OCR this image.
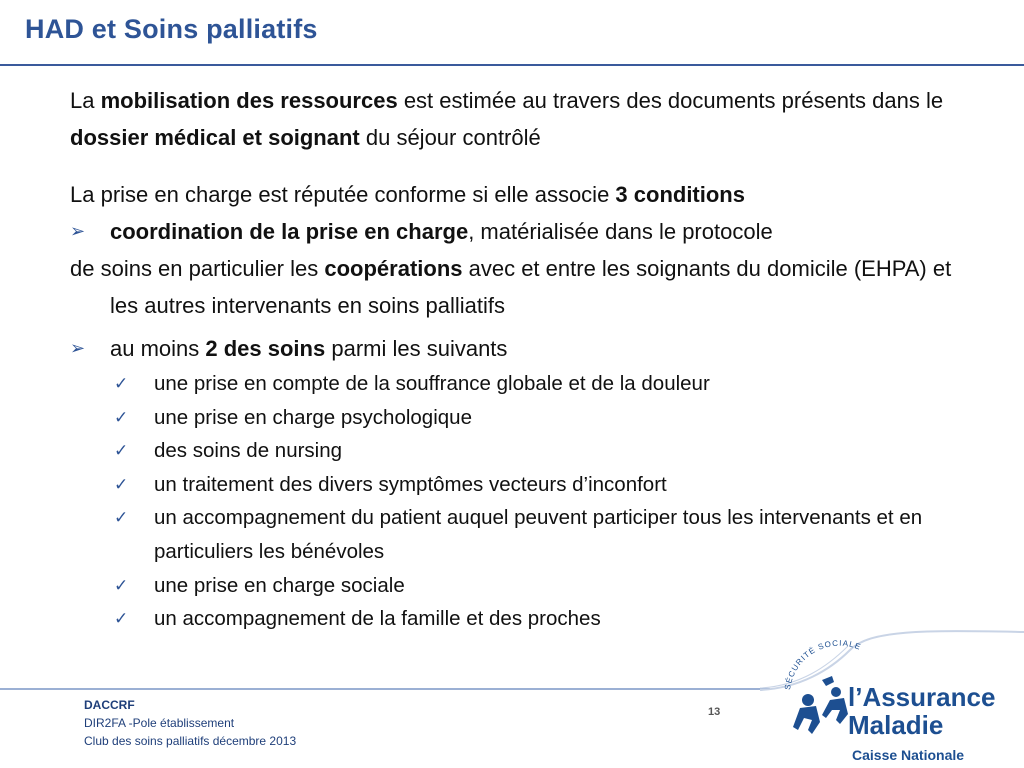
HAD et Soins palliatifs

La mobilisation des ressources est estimée au travers des documents présents dans le dossier médical et soignant du séjour contrôlé

La prise en charge est réputée conforme si elle associe 3 conditions

➢	coordination de la prise en charge, matérialisée dans le protocole
de soins en particulier les coopérations avec et entre les soignants du domicile (EHPA) et les autres intervenants en soins palliatifs

➢	au moins 2 des soins parmi les suivants

✓ une prise en compte de la souffrance globale et de la douleur
✓ une prise en charge psychologique
✓ des soins de nursing
✓ un traitement des divers symptômes vecteurs d’inconfort
✓ un accompagnement du patient auquel peuvent participer tous les intervenants et en particuliers les bénévoles
✓ une prise en charge sociale
✓ un accompagnement de la famille et des proches
DACCRF
DIR2FA -Pole établissement
Club des soins palliatifs décembre 2013
13
SÉCURITÉ SOCIALE
l’Assurance
Maladie
Caisse Nationale
